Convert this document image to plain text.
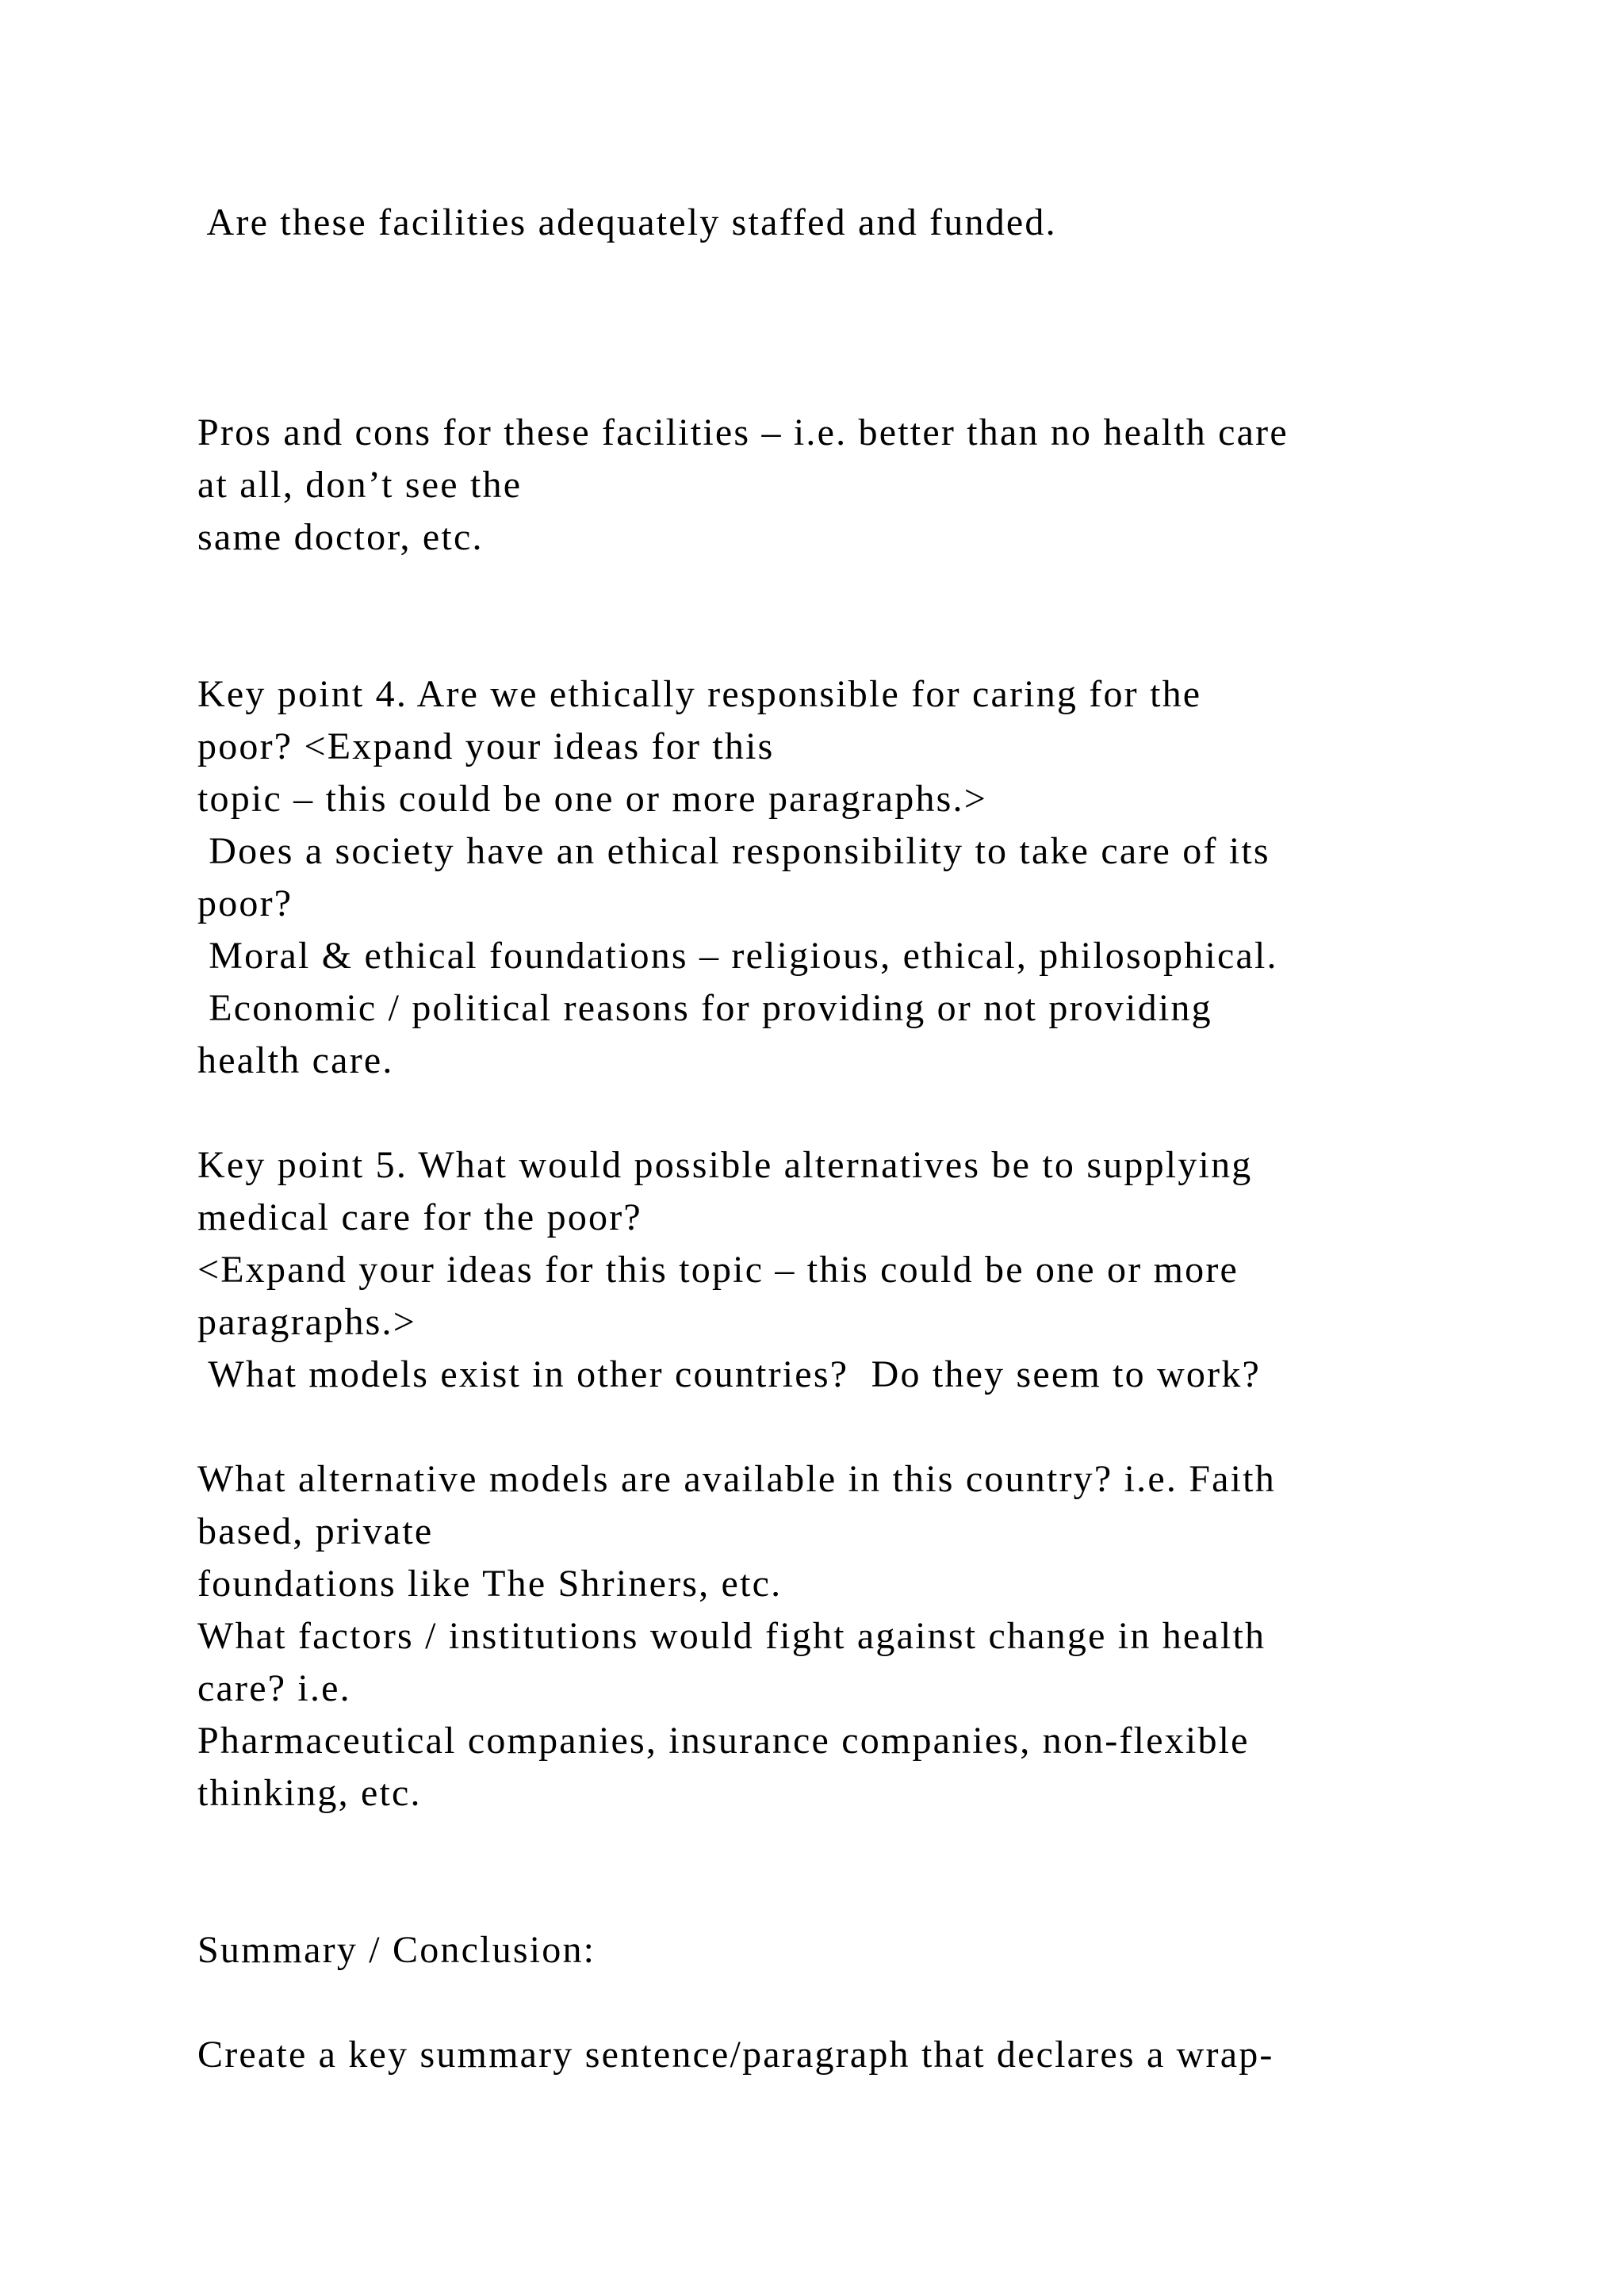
Are these facilities adequately staffed and funded.

Pros and cons for these facilities – i.e. better than no health care

at all, don’t see the

same doctor, etc.

Key point 4. Are we ethically responsible for caring for the

poor? <Expand your ideas for this

topic – this could be one or more paragraphs.>

Does a society have an ethical responsibility to take care of its

poor?

Moral & ethical foundations – religious, ethical, philosophical.

Economic / political reasons for providing or not providing

health care.

Key point 5. What would possible alternatives be to supplying

medical care for the poor?

<Expand your ideas for this topic – this could be one or more

paragraphs.>

What models exist in other countries?  Do they seem to work?

What alternative models are available in this country? i.e. Faith

based, private

foundations like The Shriners, etc.

What factors / institutions would fight against change in health

care? i.e.

Pharmaceutical companies, insurance companies, non-flexible

thinking, etc.

Summary / Conclusion:

Create a key summary sentence/paragraph that declares a wrap-
